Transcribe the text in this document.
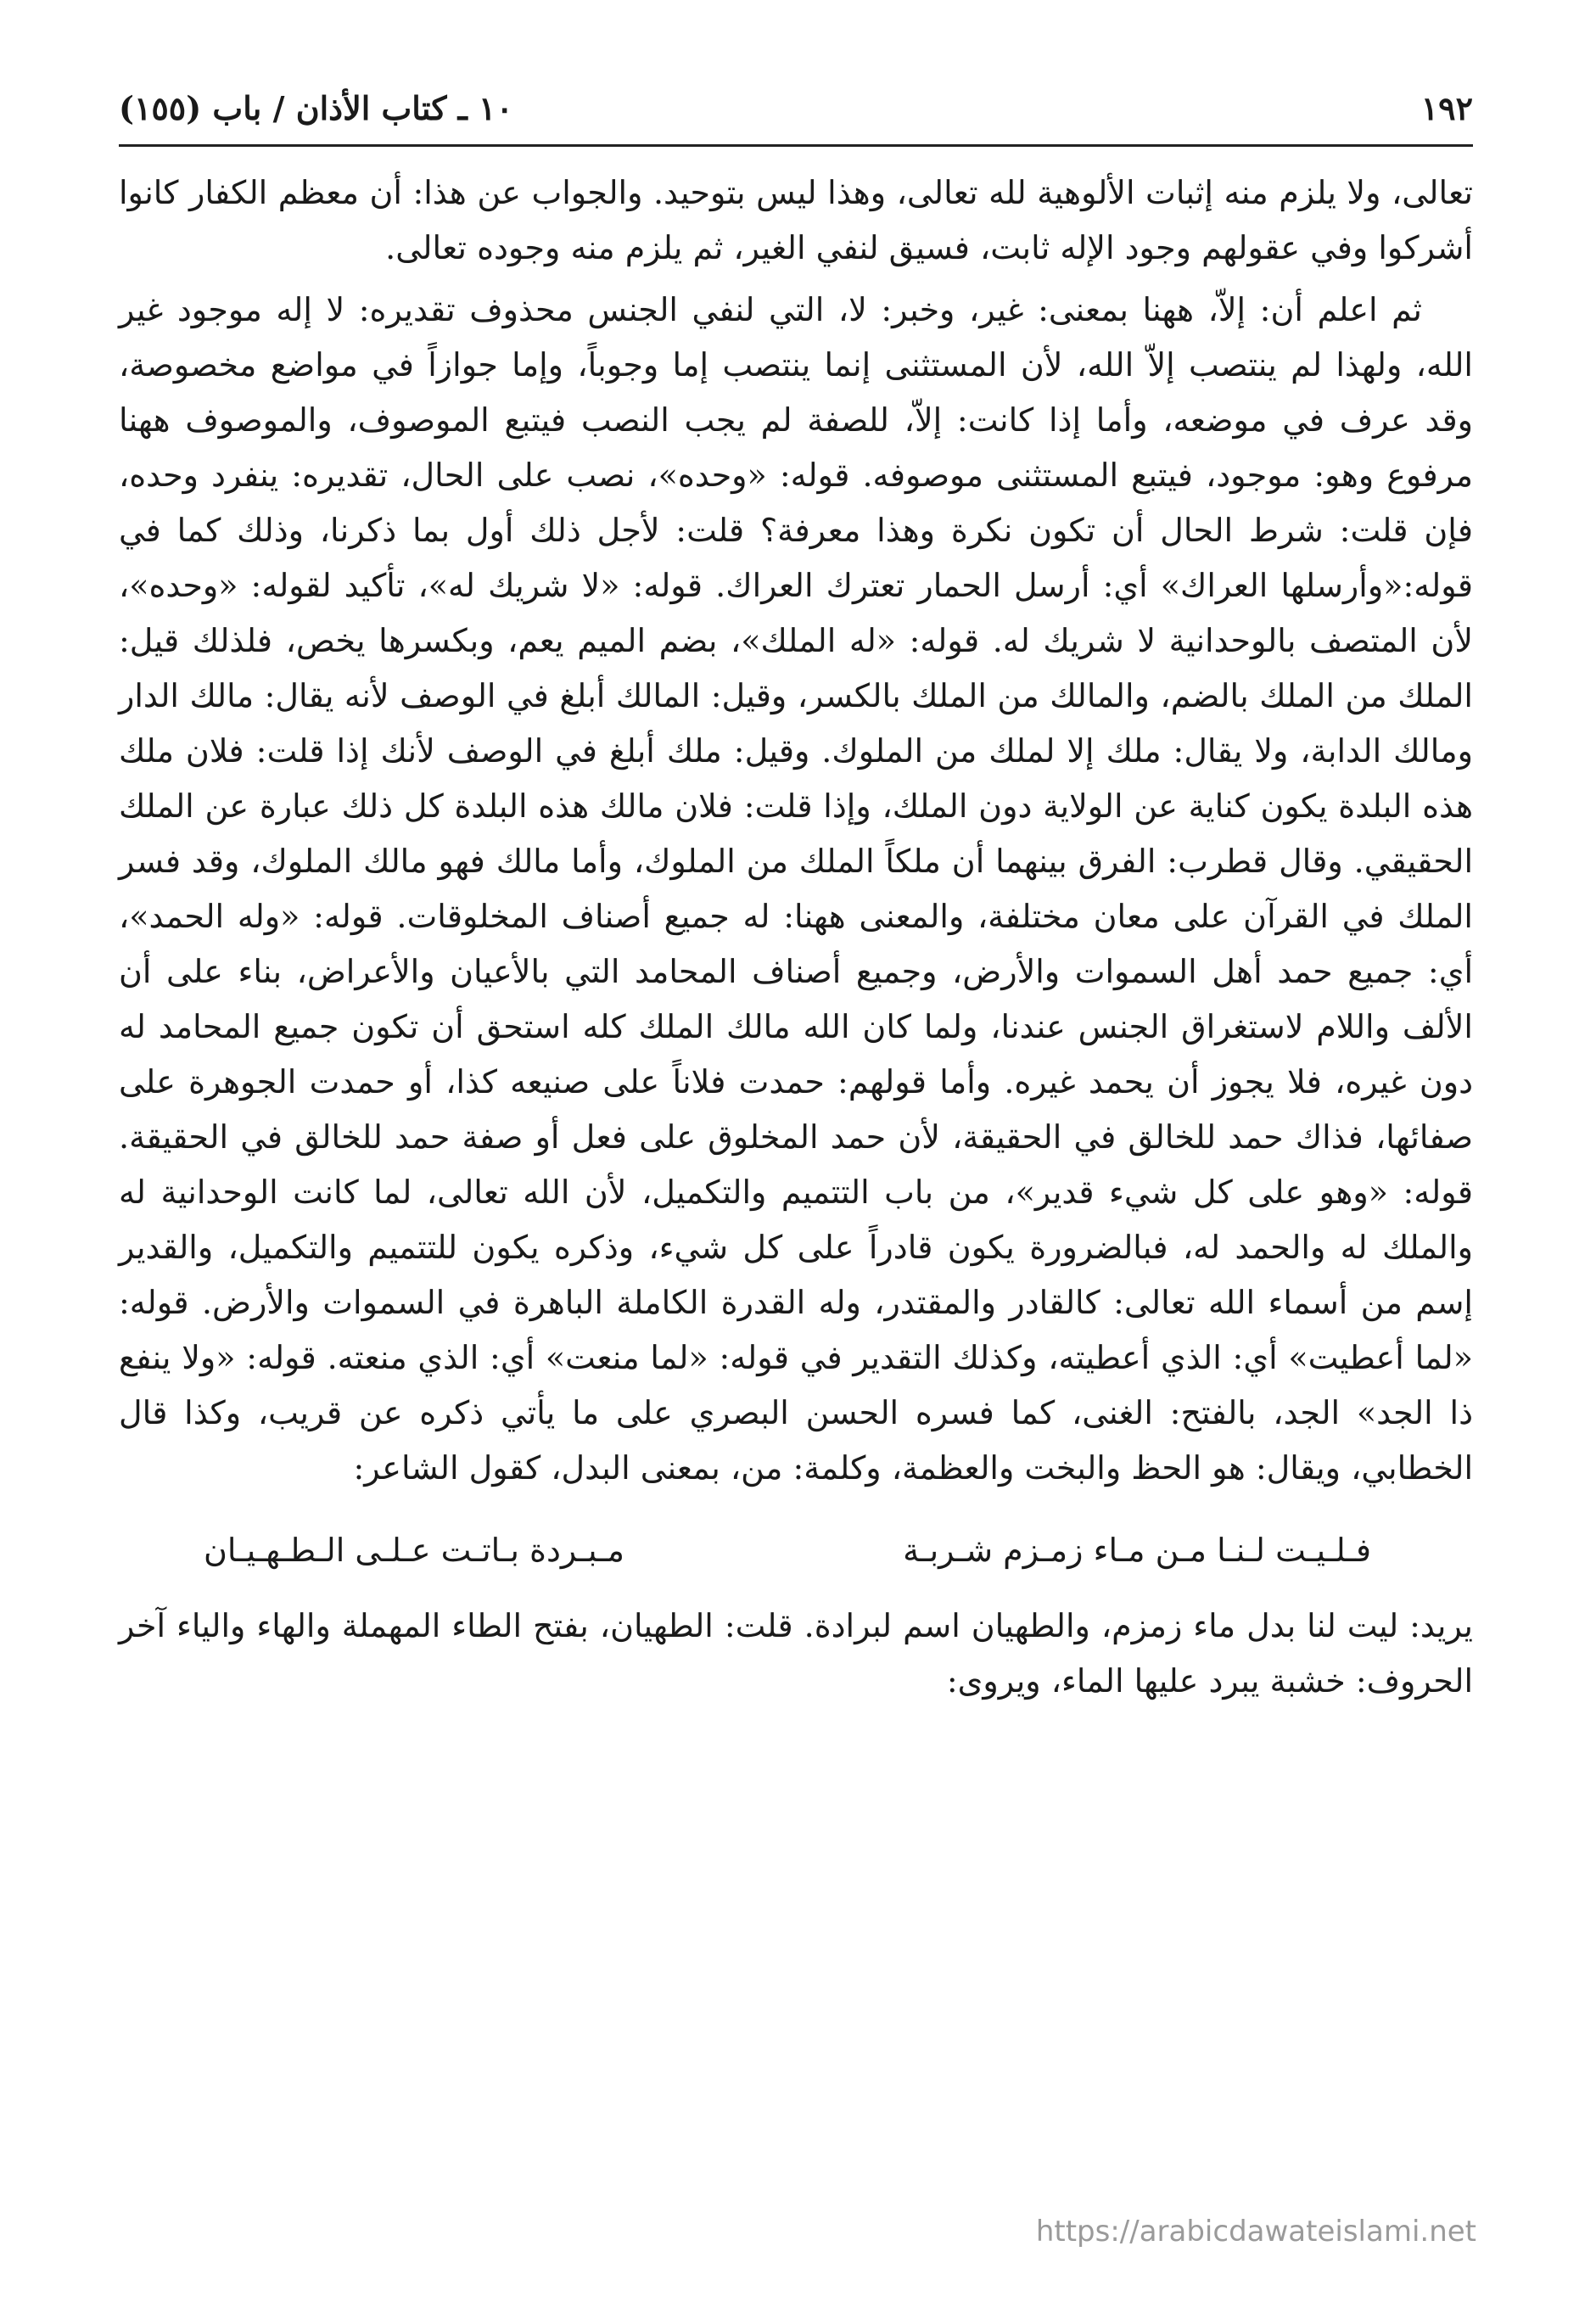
١٩٢
١٠ ـ كتاب الأذان / باب (١٥٥)

تعالى، ولا يلزم منه إثبات الألوهية لله تعالى، وهذا ليس بتوحيد. والجواب عن هذا: أن معظم الكفار كانوا أشركوا وفي عقولهم وجود الإله ثابت، فسيق لنفي الغير، ثم يلزم منه وجوده تعالى.

ثم اعلم أن: إلاّ، ههنا بمعنى: غير، وخبر: لا، التي لنفي الجنس محذوف تقديره: لا إله موجود غير الله، ولهذا لم ينتصب إلاّ الله، لأن المستثنى إنما ينتصب إما وجوباً، وإما جوازاً في مواضع مخصوصة، وقد عرف في موضعه، وأما إذا كانت: إلاّ، للصفة لم يجب النصب فيتبع الموصوف، والموصوف ههنا مرفوع وهو: موجود، فيتبع المستثنى موصوفه. قوله: «وحده»، نصب على الحال، تقديره: ينفرد وحده، فإن قلت: شرط الحال أن تكون نكرة وهذا معرفة؟ قلت: لأجل ذلك أول بما ذكرنا، وذلك كما في قوله:«وأرسلها العراك» أي: أرسل الحمار تعترك العراك. قوله: «لا شريك له»، تأكيد لقوله: «وحده»، لأن المتصف بالوحدانية لا شريك له. قوله: «له الملك»، بضم الميم يعم، وبكسرها يخص، فلذلك قيل: الملك من الملك بالضم، والمالك من الملك بالكسر، وقيل: المالك أبلغ في الوصف لأنه يقال: مالك الدار ومالك الدابة، ولا يقال: ملك إلا لملك من الملوك. وقيل: ملك أبلغ في الوصف لأنك إذا قلت: فلان ملك هذه البلدة يكون كناية عن الولاية دون الملك، وإذا قلت: فلان مالك هذه البلدة كل ذلك عبارة عن الملك الحقيقي. وقال قطرب: الفرق بينهما أن ملكاً الملك من الملوك، وأما مالك فهو مالك الملوك، وقد فسر الملك في القرآن على معان مختلفة، والمعنى ههنا: له جميع أصناف المخلوقات. قوله: «وله الحمد»، أي: جميع حمد أهل السموات والأرض، وجميع أصناف المحامد التي بالأعيان والأعراض، بناء على أن الألف واللام لاستغراق الجنس عندنا، ولما كان الله مالك الملك كله استحق أن تكون جميع المحامد له دون غيره، فلا يجوز أن يحمد غيره. وأما قولهم: حمدت فلاناً على صنيعه كذا، أو حمدت الجوهرة على صفائها، فذاك حمد للخالق في الحقيقة، لأن حمد المخلوق على فعل أو صفة حمد للخالق في الحقيقة. قوله: «وهو على كل شيء قدير»، من باب التتميم والتكميل، لأن الله تعالى، لما كانت الوحدانية له والملك له والحمد له، فبالضرورة يكون قادراً على كل شيء، وذكره يكون للتتميم والتكميل، والقدير إسم من أسماء الله تعالى: كالقادر والمقتدر، وله القدرة الكاملة الباهرة في السموات والأرض. قوله: «لما أعطيت» أي: الذي أعطيته، وكذلك التقدير في قوله: «لما منعت» أي: الذي منعته. قوله: «ولا ينفع ذا الجد» الجد، بالفتح: الغنى، كما فسره الحسن البصري على ما يأتي ذكره عن قريب، وكذا قال الخطابي، ويقال: هو الحظ والبخت والعظمة، وكلمة: من، بمعنى البدل، كقول الشاعر:

فـلـيـت لـنـا مـن مـاء زمـزم شـربـة
مـبـردة بـاتـت عـلـى الـطـهـيـان

يريد: ليت لنا بدل ماء زمزم، والطهيان اسم لبرادة. قلت: الطهيان، بفتح الطاء المهملة والهاء والياء آخر الحروف: خشبة يبرد عليها الماء، ويروى:

https://arabicdawateislami.net
